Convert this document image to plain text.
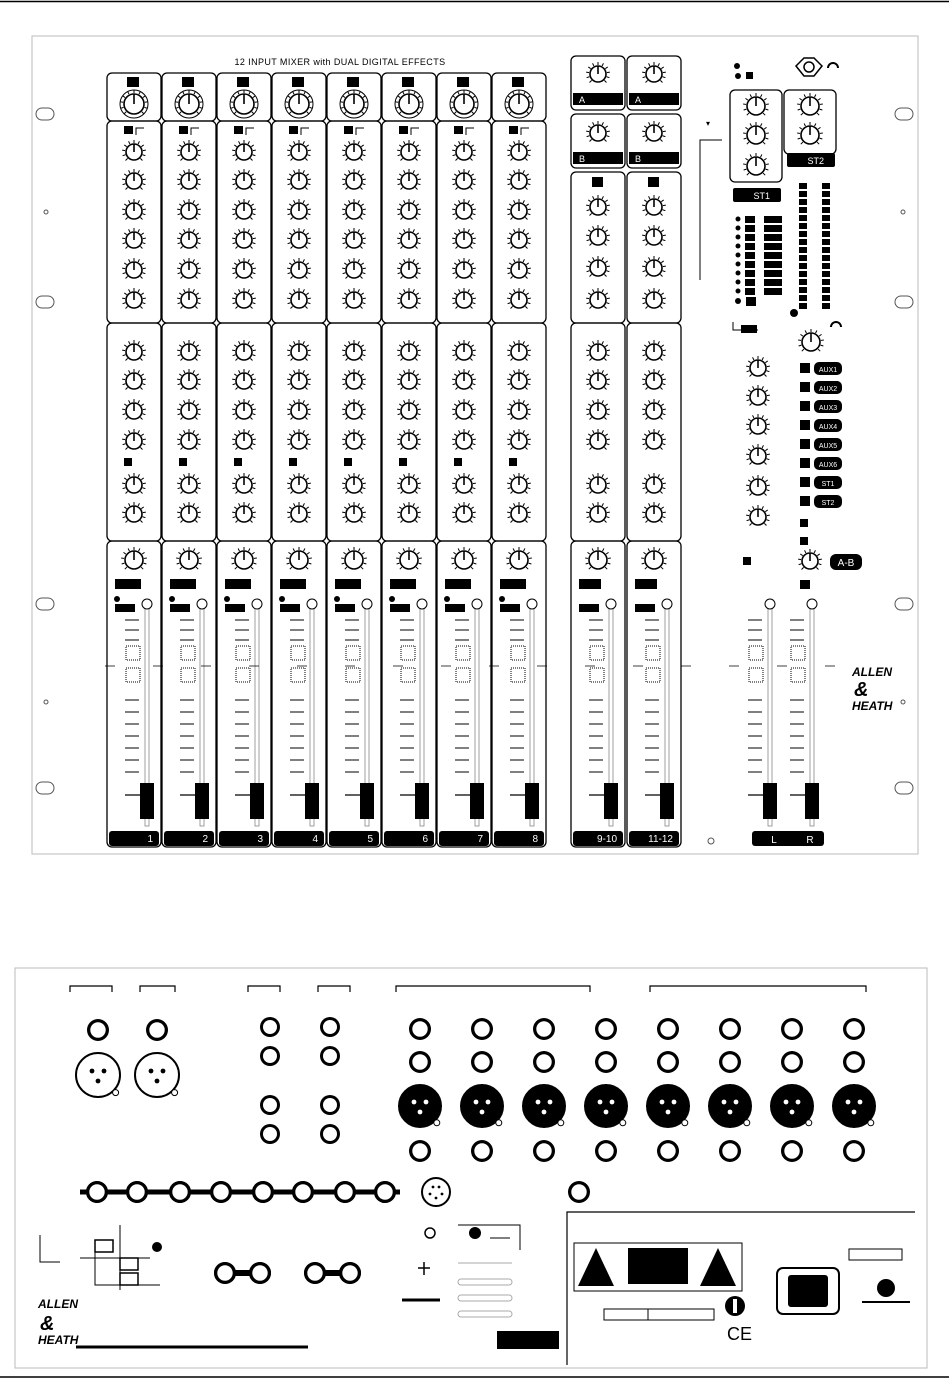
12 INPUT MIXER with DUAL DIGITAL EFFECTS
1	2	3	4	5	6	7	8
A
B
9-10
A
B
11-12
ST1
ST2
▾
AUX1
AUX2
AUX3
AUX4
AUX5
AUX6
ST1
ST2
A-B
L	R
ALLEN
&
HEATH
ALLEN
&
HEATH	CE
